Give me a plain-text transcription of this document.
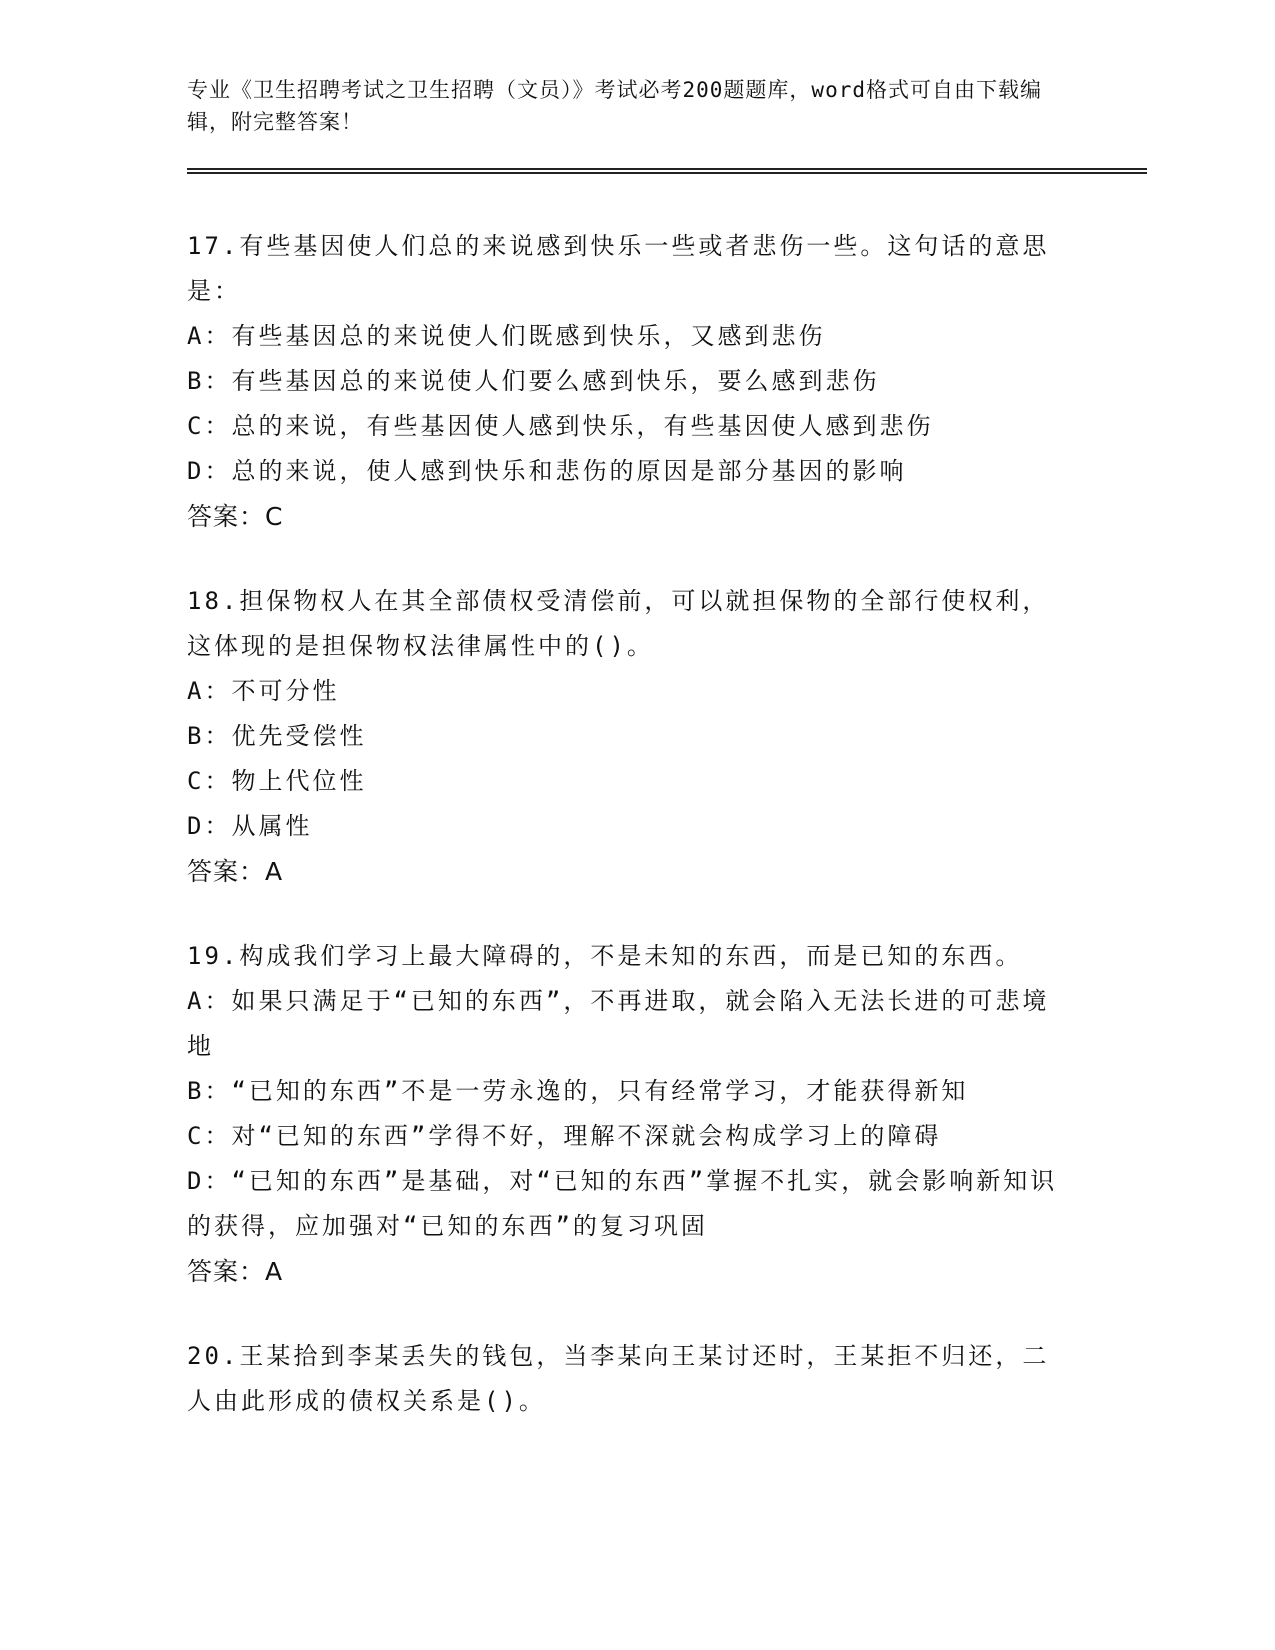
专业《卫生招聘考试之卫生招聘（文员）》考试必考200题题库，word格式可自由下载编辑，附完整答案！

17.有些基因使人们总的来说感到快乐一些或者悲伤一些。这句话的意思是：

A：有些基因总的来说使人们既感到快乐，又感到悲伤

B：有些基因总的来说使人们要么感到快乐，要么感到悲伤

C：总的来说，有些基因使人感到快乐，有些基因使人感到悲伤

D：总的来说，使人感到快乐和悲伤的原因是部分基因的影响

答案：C

18.担保物权人在其全部债权受清偿前，可以就担保物的全部行使权利，这体现的是担保物权法律属性中的()。

A：不可分性

B：优先受偿性

C：物上代位性

D：从属性

答案：A

19.构成我们学习上最大障碍的，不是未知的东西，而是已知的东西。

A：如果只满足于“已知的东西”，不再进取，就会陷入无法长进的可悲境地

B：“已知的东西”不是一劳永逸的，只有经常学习，才能获得新知

C：对“已知的东西”学得不好，理解不深就会构成学习上的障碍

D：“已知的东西”是基础，对“已知的东西”掌握不扎实，就会影响新知识的获得，应加强对“已知的东西”的复习巩固

答案：A

20.王某拾到李某丢失的钱包，当李某向王某讨还时，王某拒不归还，二人由此形成的债权关系是()。
